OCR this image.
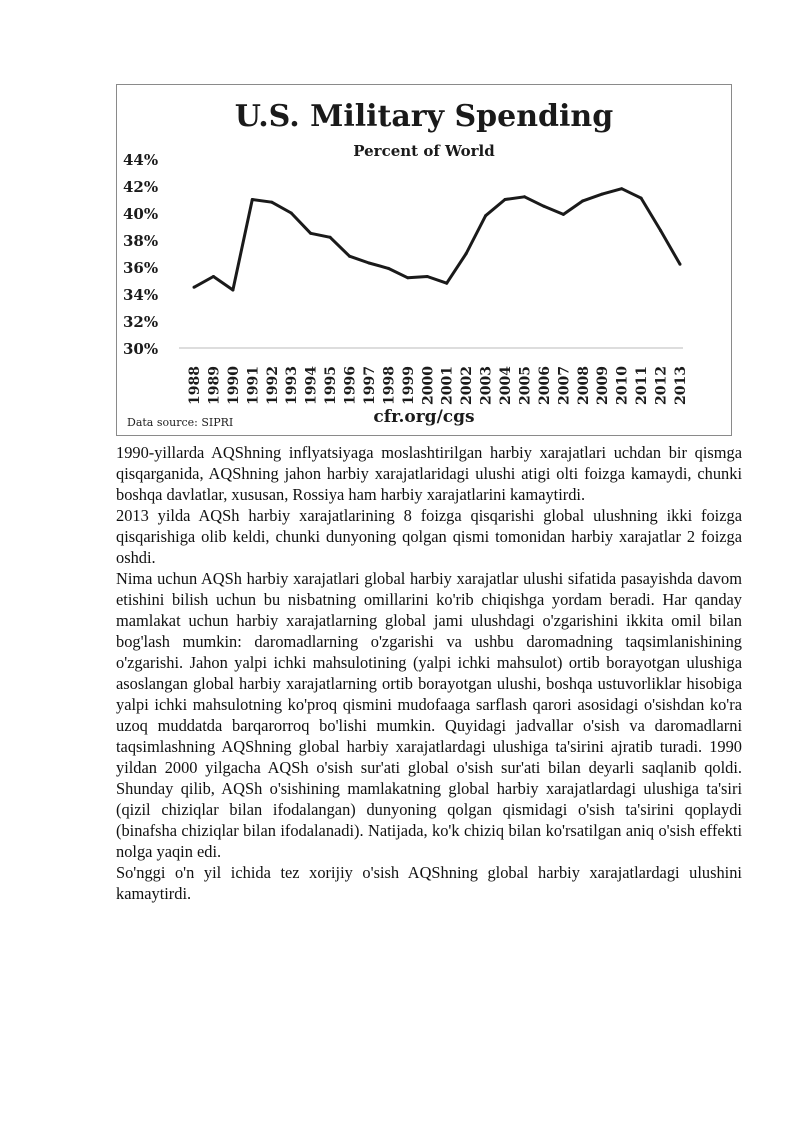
U.S. Military Spending
Percent of World
44%
42%
40%
38%
36%
34%
32%
30%
1988 1989 1990 1991 1992 1993 1994 1995 1996 1997 1998 1999 2000 2001 2002 2003 2004 2005 2006 2007 2008 2009 2010 2011 2012 2013
Data source: SIPRI	cfr.org/cgs

1990-yillarda AQShning inflyatsiyaga moslashtirilgan harbiy xarajatlari uchdan bir qismga qisqarganida, AQShning jahon harbiy xarajatlaridagi ulushi atigi olti foizga kamaydi, chunki boshqa davlatlar, xususan, Rossiya ham harbiy xarajatlarini kamaytirdi.

2013 yilda AQSh harbiy xarajatlarining 8 foizga qisqarishi global ulushning ikki foizga qisqarishiga olib keldi, chunki dunyoning qolgan qismi tomonidan harbiy xarajatlar 2 foizga oshdi.

Nima uchun AQSh harbiy xarajatlari global harbiy xarajatlar ulushi sifatida pasayishda davom etishini bilish uchun bu nisbatning omillarini ko'rib chiqishga yordam beradi. Har qanday mamlakat uchun harbiy xarajatlarning global jami ulushdagi o'zgarishini ikkita omil bilan bog'lash mumkin: daromadlarning o'zgarishi va ushbu daromadning taqsimlanishining o'zgarishi. Jahon yalpi ichki mahsulotining (yalpi ichki mahsulot) ortib borayotgan ulushiga asoslangan global harbiy xarajatlarning ortib borayotgan ulushi, boshqa ustuvorliklar hisobiga yalpi ichki mahsulotning ko'proq qismini mudofaaga sarflash qarori asosidagi o'sishdan ko'ra uzoq muddatda barqarorroq bo'lishi mumkin. Quyidagi jadvallar o'sish va daromadlarni taqsimlashning AQShning global harbiy xarajatlardagi ulushiga ta'sirini ajratib turadi. 1990 yildan 2000 yilgacha AQSh o'sish sur'ati global o'sish sur'ati bilan deyarli saqlanib qoldi. Shunday qilib, AQSh o'sishining mamlakatning global harbiy xarajatlardagi ulushiga ta'siri (qizil chiziqlar bilan ifodalangan) dunyoning qolgan qismidagi o'sish ta'sirini qoplaydi (binafsha chiziqlar bilan ifodalanadi). Natijada, ko'k chiziq bilan ko'rsatilgan aniq o'sish effekti nolga yaqin edi.

So'nggi o'n yil ichida tez xorijiy o'sish AQShning global harbiy xarajatlardagi ulushini kamaytirdi.
